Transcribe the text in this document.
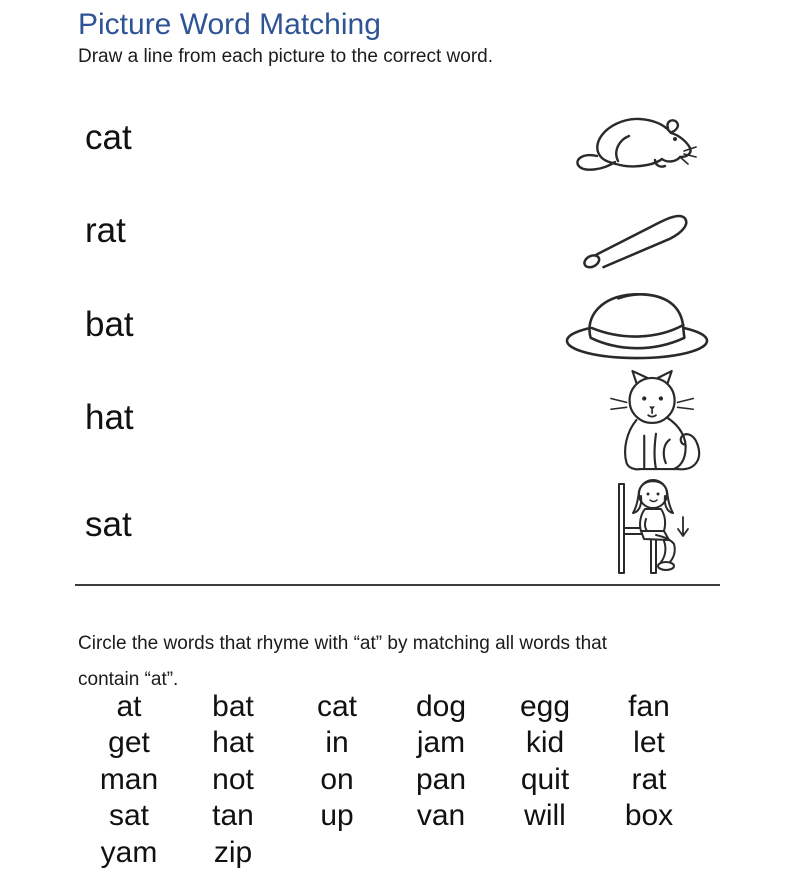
Picture Word Matching

Draw a line from each picture to the correct word.

cat
rat
bat
hat
sat

Circle the words that rhyme with “at” by matching all words that contain “at”.

at	bat	cat	dog	egg	fan
get	hat	in	jam	kid	let
man	not	on	pan	quit	rat
sat	tan	up	van	will	box
yam	zip
